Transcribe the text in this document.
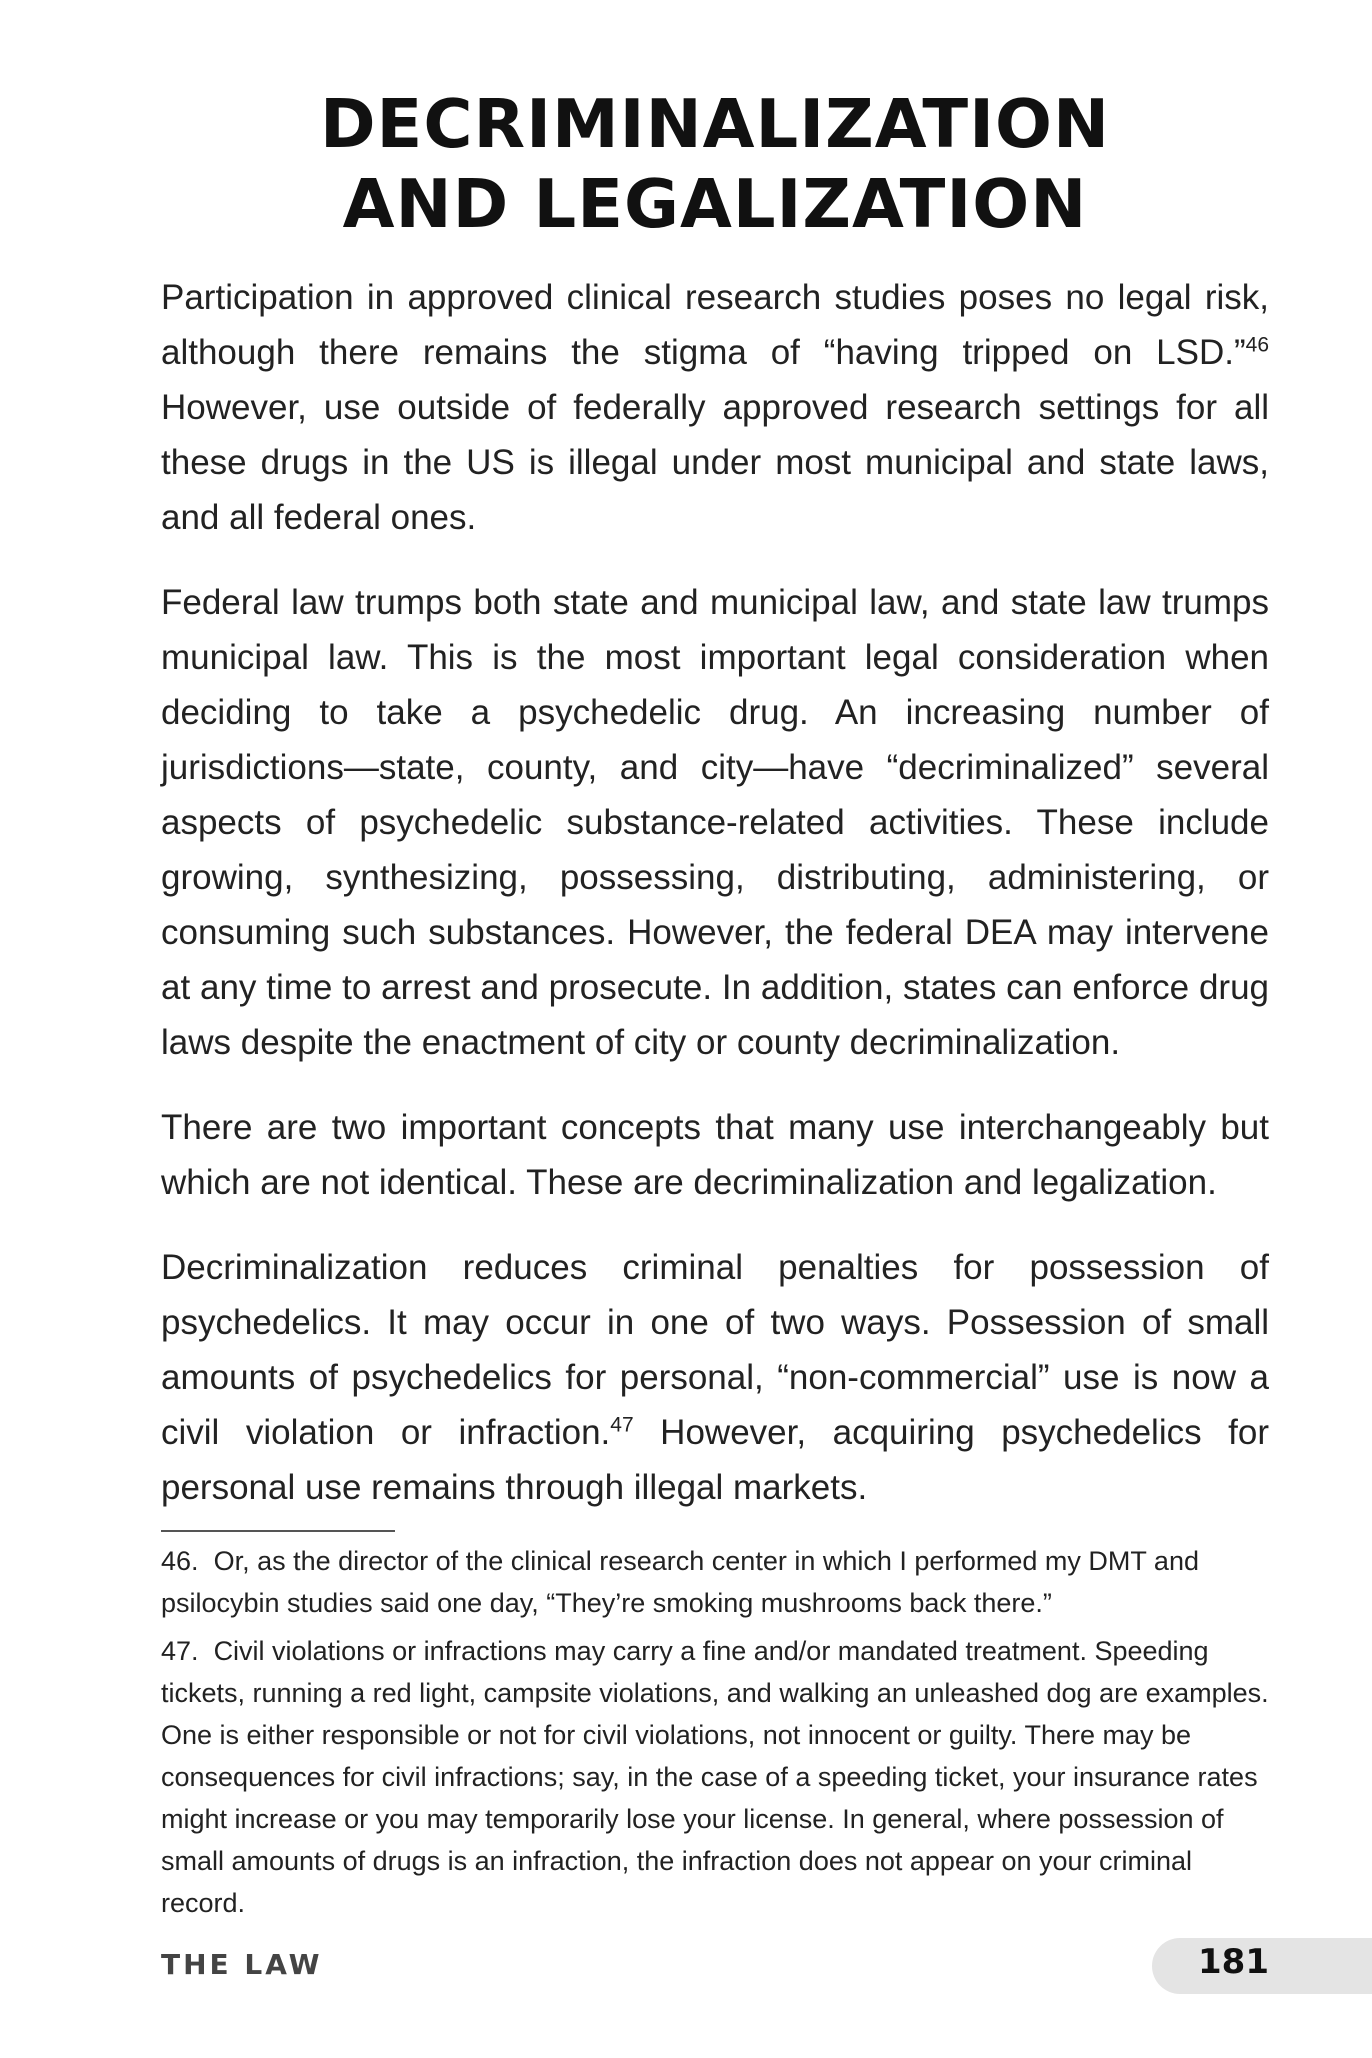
DECRIMINALIZATION
AND LEGALIZATION

Participation in approved clinical research studies poses no legal risk, although there remains the stigma of “having tripped on LSD.”$^{46}$ However, use outside of federally approved research settings for all these drugs in the US is illegal under most municipal and state laws, and all federal ones.

Federal law trumps both state and municipal law, and state law trumps municipal law. This is the most important legal consideration when deciding to take a psychedelic drug. An increasing number of jurisdictions—state, county, and city—have “decriminalized” several aspects of psychedelic substance-related activities. These include growing, synthesizing, possessing, distributing, administering, or consuming such substances. However, the federal DEA may intervene at any time to arrest and prosecute. In addition, states can enforce drug laws despite the enactment of city or county decriminalization.

There are two important concepts that many use interchangeably but which are not identical. These are decriminalization and legalization.

Decriminalization reduces criminal penalties for possession of psychedelics. It may occur in one of two ways. Possession of small amounts of psychedelics for personal, “non-commercial” use is now a civil violation or infraction.$^{47}$ However, acquiring psychedelics for personal use remains through illegal markets.

46. Or, as the director of the clinical research center in which I performed my DMT and psilocybin studies said one day, “They’re smoking mushrooms back there.”

47. Civil violations or infractions may carry a fine and/or mandated treatment. Speeding tickets, running a red light, campsite violations, and walking an unleashed dog are examples. One is either responsible or not for civil violations, not innocent or guilty. There may be consequences for civil infractions; say, in the case of a speeding ticket, your insurance rates might increase or you may temporarily lose your license. In general, where possession of small amounts of drugs is an infraction, the infraction does not appear on your criminal record.

THE LAW	181
